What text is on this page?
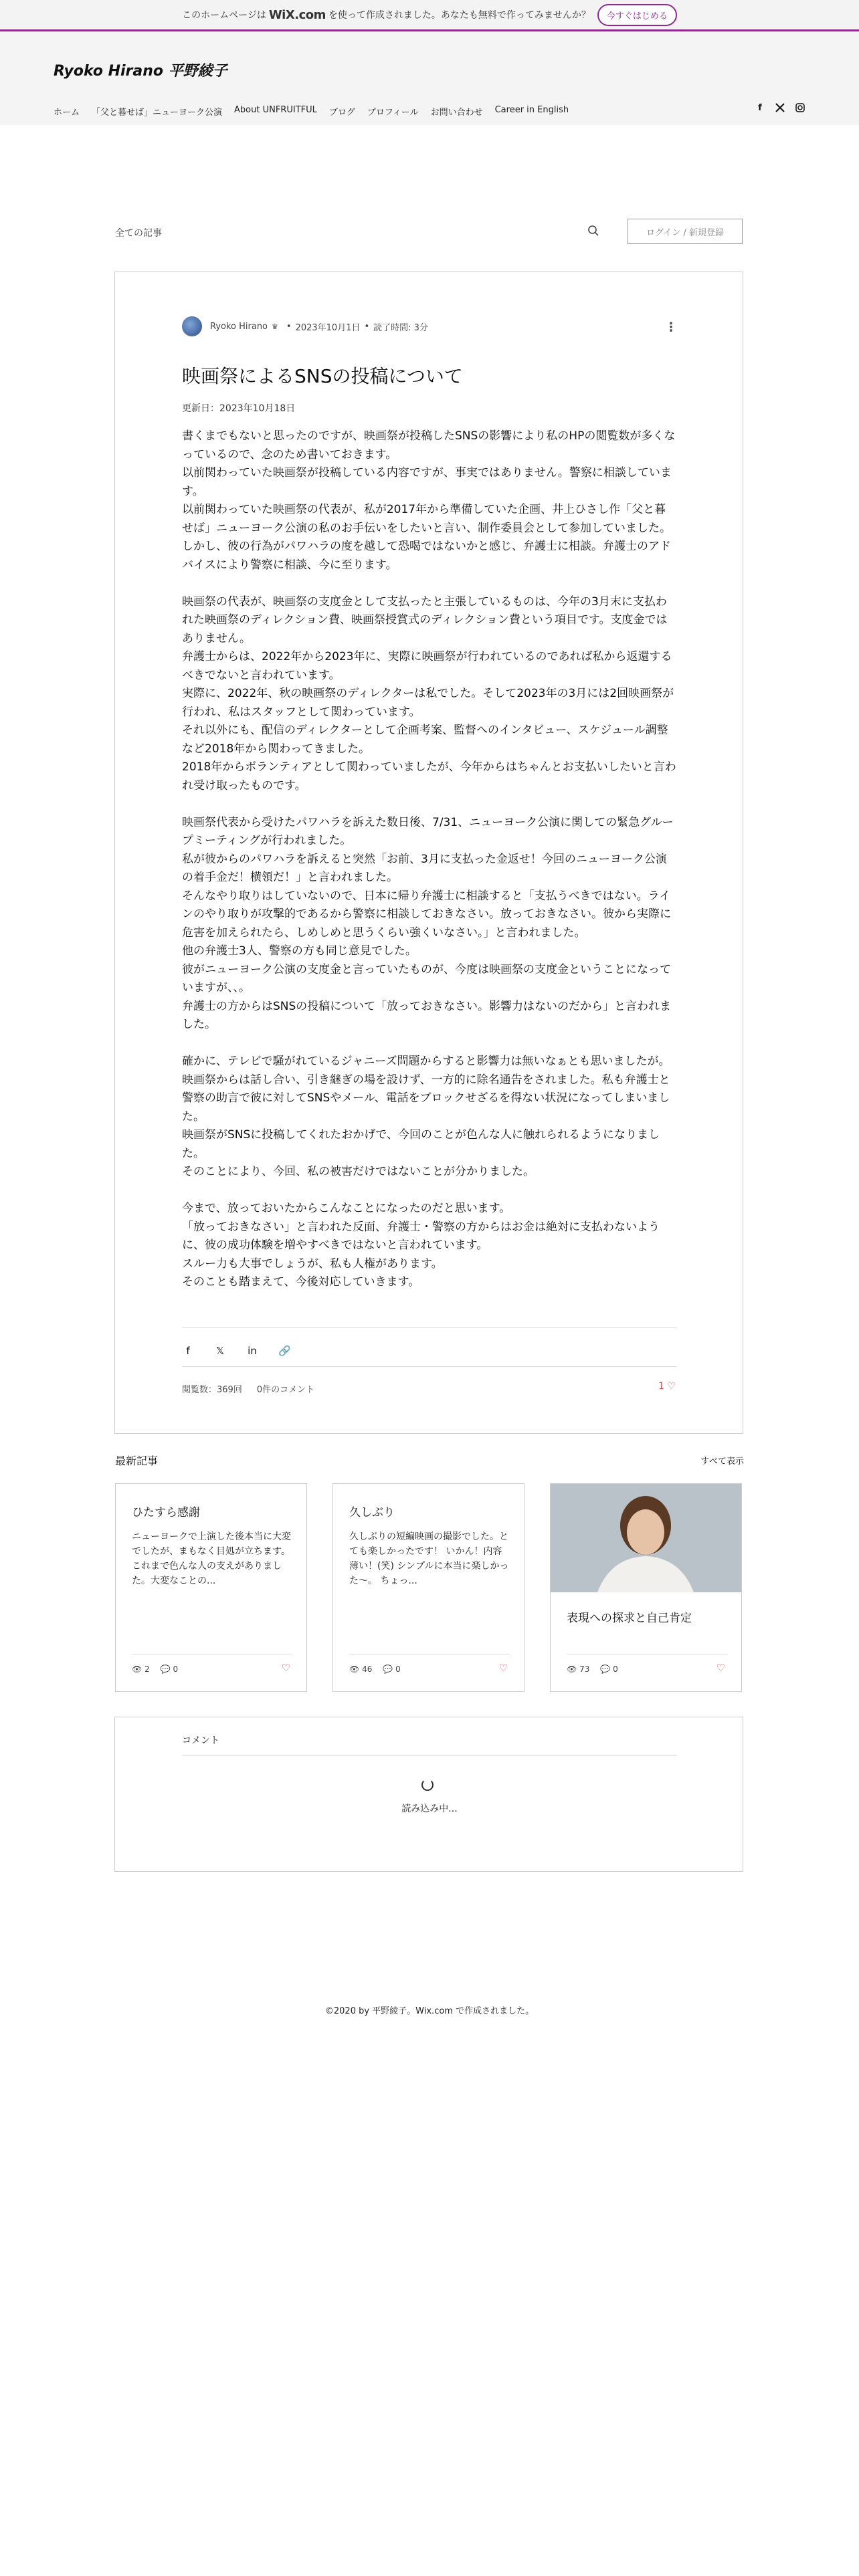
このホームページは WiX.com を使って作成されました。あなたも無料で作ってみませんか？	今すぐはじめる
Ryoko Hirano 平野綾子
ホーム 「父と暮せば」ニューヨーク公演 About UNFRUITFUL ブログ プロフィール お問い合わせ Career in English	f
全ての記事	ログイン / 新規登録
Ryoko Hirano ♛ • 2023年10月1日 • 読了時間: 3分	⋮
映画祭によるSNSの投稿について
更新日：2023年10月18日

書くまでもないと思ったのですが、映画祭が投稿したSNSの影響により私のHPの閲覧数が多くなっているので、念のため書いておきます。

以前関わっていた映画祭が投稿している内容ですが、事実ではありません。警察に相談しています。

以前関わっていた映画祭の代表が、私が2017年から準備していた企画、井上ひさし作「父と暮せば」ニューヨーク公演の私のお手伝いをしたいと言い、制作委員会として参加していました。しかし、彼の行為がパワハラの度を越して恐喝ではないかと感じ、弁護士に相談。弁護士のアドバイスにより警察に相談、今に至ります。

映画祭の代表が、映画祭の支度金として支払ったと主張しているものは、今年の3月末に支払われた映画祭のディレクション費、映画祭授賞式のディレクション費という項目です。支度金ではありません。

弁護士からは、2022年から2023年に、実際に映画祭が行われているのであれば私から返還するべきでないと言われています。

実際に、2022年、秋の映画祭のディレクターは私でした。そして2023年の3月には2回映画祭が行われ、私はスタッフとして関わっています。

それ以外にも、配信のディレクターとして企画考案、監督へのインタビュー、スケジュール調整など2018年から関わってきました。

2018年からボランティアとして関わっていましたが、今年からはちゃんとお支払いしたいと言われ受け取ったものです。

映画祭代表から受けたパワハラを訴えた数日後、7/31、ニューヨーク公演に関しての緊急グループミーティングが行われました。

私が彼からのパワハラを訴えると突然「お前、3月に支払った金返せ！今回のニューヨーク公演の着手金だ！横領だ！」と言われました。

そんなやり取りはしていないので、日本に帰り弁護士に相談すると「支払うべきではない。ラインのやり取りが攻撃的であるから警察に相談しておきなさい。放っておきなさい。彼から実際に危害を加えられたら、しめしめと思うくらい強くいなさい。」と言われました。

他の弁護士3人、警察の方も同じ意見でした。

彼がニューヨーク公演の支度金と言っていたものが、今度は映画祭の支度金ということになっていますが、、。

弁護士の方からはSNSの投稿について「放っておきなさい。影響力はないのだから」と言われました。

確かに、テレビで騒がれているジャニーズ問題からすると影響力は無いなぁとも思いましたが。

映画祭からは話し合い、引き継ぎの場を設けず、一方的に除名通告をされました。私も弁護士と警察の助言で彼に対してSNSやメール、電話をブロックせざるを得ない状況になってしまいました。

映画祭がSNSに投稿してくれたおかげで、今回のことが色んな人に触れられるようになりました。

そのことにより、今回、私の被害だけではないことが分かりました。

今まで、放っておいたからこんなことになったのだと思います。

「放っておきなさい」と言われた反面、弁護士・警察の方からはお金は絶対に支払わないように、彼の成功体験を増やすべきではないと言われています。

スルー力も大事でしょうが、私も人権があります。

そのことも踏まえて、今後対応していきます。

f	𝕏 in 🔗
閲覧数：369回 0件のコメント	1 ♡
最新記事	すべて表示
ひたすら感謝
ニューヨークで上演した後本当に大変でしたが、まもなく目処が立ちます。これまで色んな人の支えがありました。大変なことの...
👁 2 💬 0	♡
久しぶり
久しぶりの短編映画の撮影でした。とても楽しかったです！ いかん！内容薄い！(笑) シンプルに本当に楽しかった〜。 ちょっ...
👁 46 💬 0	♡
表現への探求と自己肯定
👁 73 💬 0	♡
コメント
読み込み中...
©2020 by 平野綾子。Wix.com で作成されました。
